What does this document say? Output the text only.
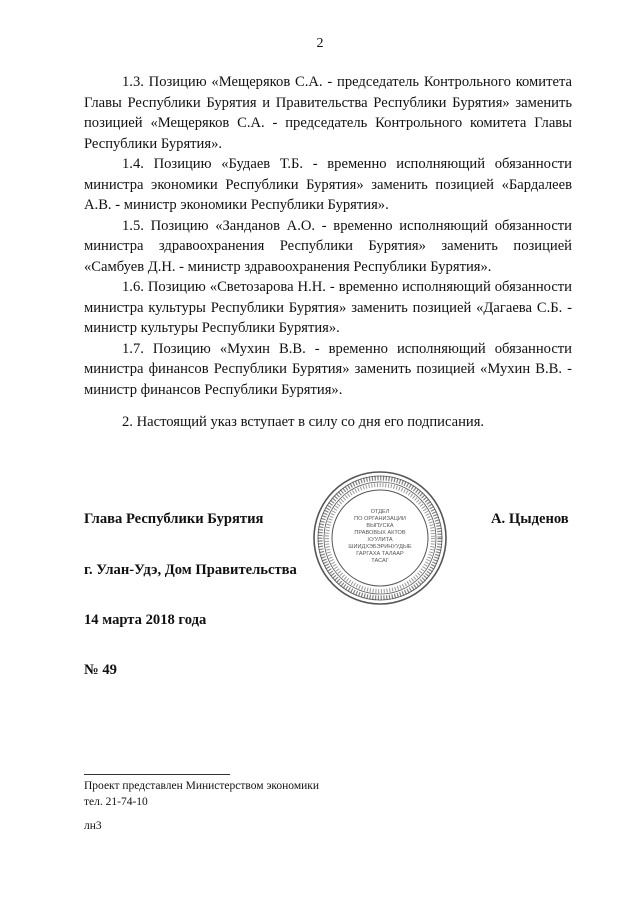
2

1.3. Позицию «Мещеряков С.А. - председатель Контрольного комитета Главы Республики Бурятия и Правительства Республики Бурятия» заменить позицией «Мещеряков С.А. - председатель Контрольного комитета Главы Республики Бурятия».

1.4. Позицию «Будаев Т.Б. - временно исполняющий обязанности министра экономики Республики Бурятия» заменить позицией «Бардалеев А.В. - министр экономики Республики Бурятия».

1.5. Позицию «Занданов А.О. - временно исполняющий обязанности министра здравоохранения Республики Бурятия» заменить позицией «Самбуев Д.Н. - министр здравоохранения Республики Бурятия».

1.6. Позицию «Светозарова Н.Н. - временно исполняющий обязанности министра культуры Республики Бурятия» заменить позицией «Дагаева С.Б. - министр культуры Республики Бурятия».

1.7. Позицию «Мухин В.В. - временно исполняющий обязанности министра финансов Республики Бурятия» заменить позицией «Мухин В.В. - министр финансов Республики Бурятия».

2. Настоящий указ вступает в силу со дня его подписания.
Глава Республики Бурятия	А. Цыденов
г. Улан-Удэ, Дом Правительства
14 марта 2018 года
№ 49
ОТДЕЛ
ПО ОРГАНИЗАЦИИ
ВЫПУСКА
ПРАВОВЫХ АКТОВ
ХУУЛИТА
ШИИДХЭБЭРИНУУДЫЕ
ГАРГАХА ТАЛААР
ТАСАГ
Проект представлен Министерством экономики
тел. 21-74-10
лн3
